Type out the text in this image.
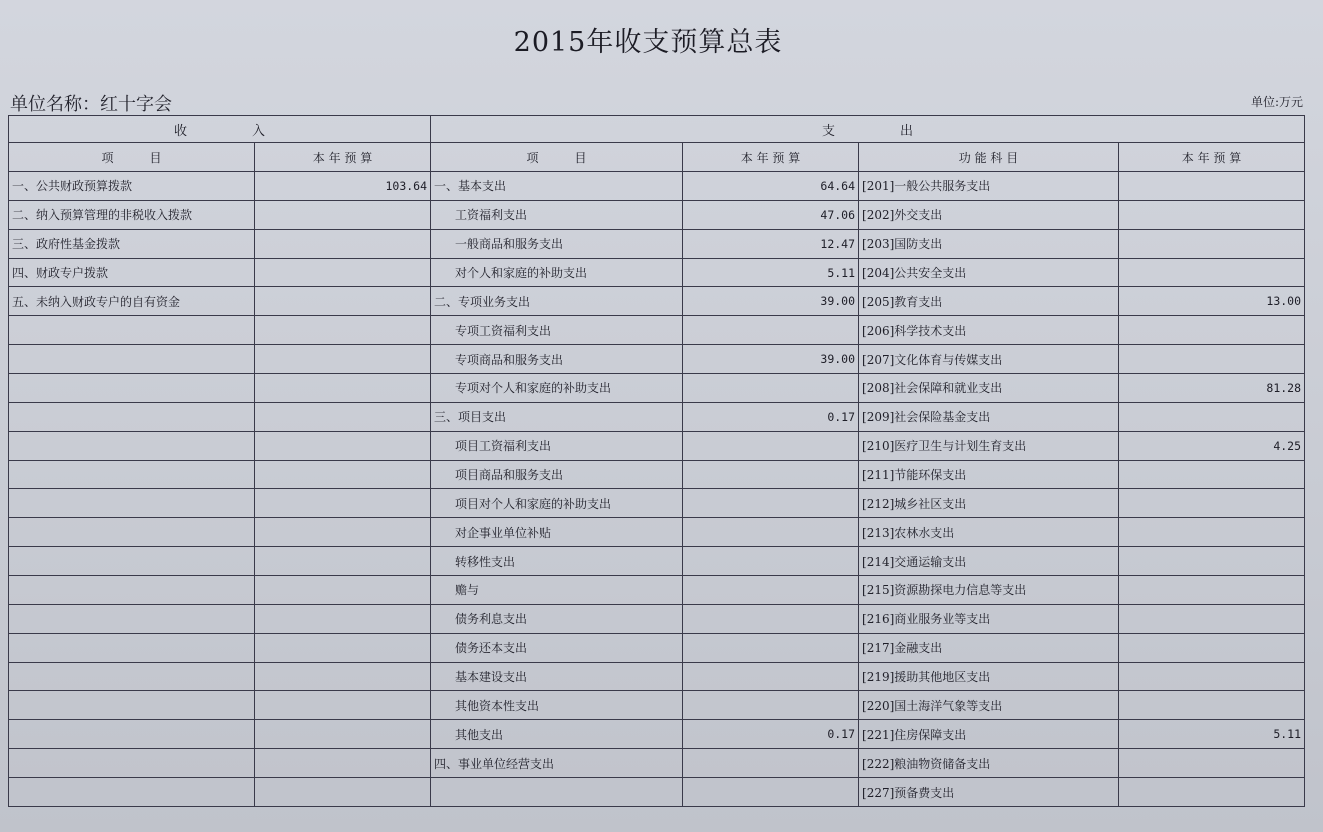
2015年收支预算总表
单位名称：红十字会	单位:万元
收　　　　　入		支　　　　　出			
项　　　目	本 年 预 算	项　　　目	本 年 预 算	功 能 科 目	本 年 预 算
一、公共财政预算拨款	103.64	一、基本支出	64.64	[201]一般公共服务支出	
二、纳入预算管理的非税收入拨款		工资福利支出	47.06	[202]外交支出	
三、政府性基金拨款		一般商品和服务支出	12.47	[203]国防支出	
四、财政专户拨款		对个人和家庭的补助支出	5.11	[204]公共安全支出	
五、未纳入财政专户的自有资金		二、专项业务支出	39.00	[205]教育支出	13.00
		专项工资福利支出		[206]科学技术支出	
		专项商品和服务支出	39.00	[207]文化体育与传媒支出	
		专项对个人和家庭的补助支出		[208]社会保障和就业支出	81.28
		三、项目支出	0.17	[209]社会保险基金支出	
		项目工资福利支出		[210]医疗卫生与计划生育支出	4.25
		项目商品和服务支出		[211]节能环保支出	
		项目对个人和家庭的补助支出		[212]城乡社区支出	
		对企事业单位补贴		[213]农林水支出	
		转移性支出		[214]交通运输支出	
		赡与		[215]资源勘探电力信息等支出	
		债务利息支出		[216]商业服务业等支出	
		债务还本支出		[217]金融支出	
		基本建设支出		[219]援助其他地区支出	
		其他资本性支出		[220]国土海洋气象等支出	
		其他支出	0.17	[221]住房保障支出	5.11
		四、事业单位经营支出		[222]粮油物资储备支出	
				[227]预备费支出	
